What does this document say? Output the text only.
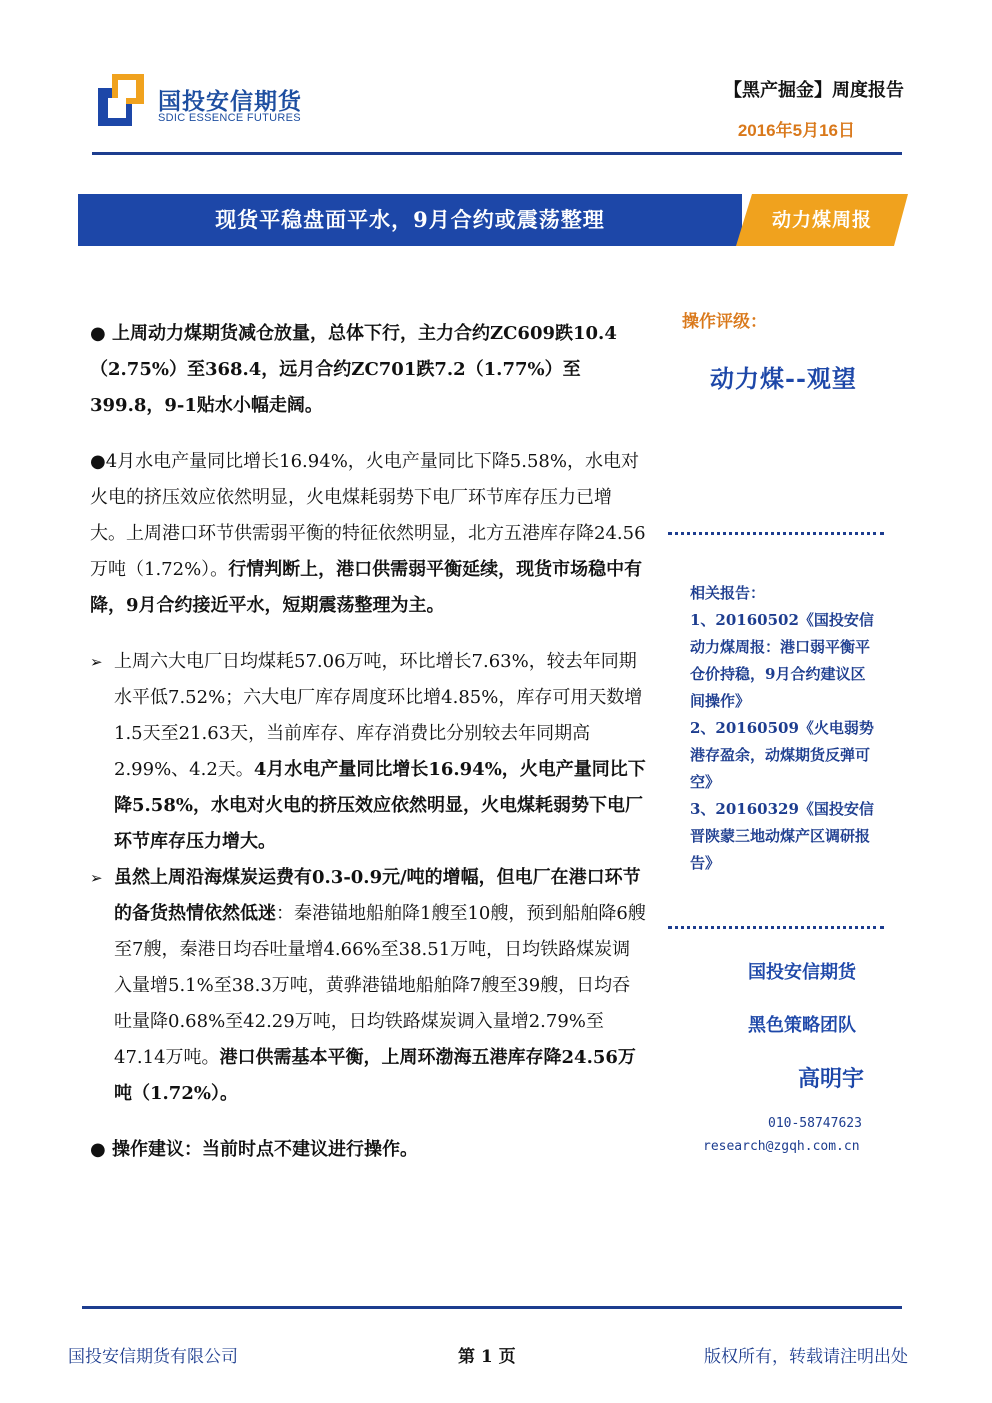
国投安信期货
SDIC ESSENCE FUTURES
【黑产掘金】周度报告
2016年5月16日
现货平稳盘面平水，9月合约或震荡整理	动力煤周报

● 上周动力煤期货减仓放量，总体下行，主力合约ZC609跌10.4（2.75%）至368.4，远月合约ZC701跌7.2（1.77%）至399.8，9-1贴水小幅走阔。

●4月水电产量同比增长16.94%，火电产量同比下降5.58%，水电对火电的挤压效应依然明显，火电煤耗弱势下电厂环节库存压力已增大。上周港口环节供需弱平衡的特征依然明显，北方五港库存降24.56万吨（1.72%）。行情判断上，港口供需弱平衡延续，现货市场稳中有降，9月合约接近平水，短期震荡整理为主。

➢ 上周六大电厂日均煤耗57.06万吨，环比增长7.63%，较去年同期水平低7.52%；六大电厂库存周度环比增4.85%，库存可用天数增1.5天至21.63天，当前库存、库存消费比分别较去年同期高2.99%、4.2天。4月水电产量同比增长16.94%，火电产量同比下降5.58%，水电对火电的挤压效应依然明显，火电煤耗弱势下电厂环节库存压力增大。

➢ 虽然上周沿海煤炭运费有0.3-0.9元/吨的增幅，但电厂在港口环节的备货热情依然低迷：秦港锚地船舶降1艘至10艘，预到船舶降6艘至7艘，秦港日均吞吐量增4.66%至38.51万吨，日均铁路煤炭调入量增5.1%至38.3万吨，黄骅港锚地船舶降7艘至39艘，日均吞吐量降0.68%至42.29万吨，日均铁路煤炭调入量增2.79%至47.14万吨。港口供需基本平衡，上周环渤海五港库存降24.56万吨（1.72%）。

● 操作建议：当前时点不建议进行操作。

操作评级：
动力煤--观望

相关报告：

1、20160502《国投安信动力煤周报：港口弱平衡平仓价持稳，9月合约建议区间操作》

2、20160509《火电弱势港存盈余，动煤期货反弹可空》

3、20160329《国投安信晋陕蒙三地动煤产区调研报告》

国投安信期货
黑色策略团队
高明宇
010-58747623
research@zgqh.com.cn
国投安信期货有限公司	第 1 页	版权所有，转载请注明出处
